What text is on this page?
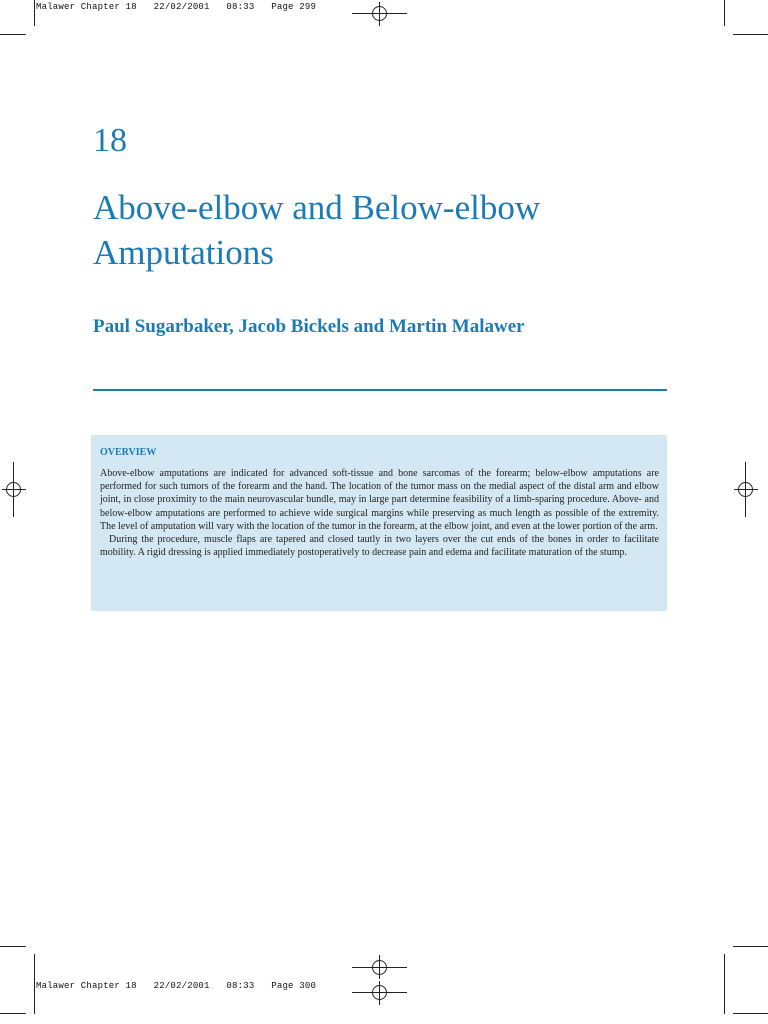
Malawer Chapter 18   22/02/2001   08:33   Page 299
Malawer Chapter 18   22/02/2001   08:33   Page 300
18
Above-elbow and Below-elbow
Amputations
Paul Sugarbaker, Jacob Bickels and Martin Malawer
OVERVIEW

Above-elbow amputations are indicated for advanced soft-tissue and bone sarcomas of the forearm; below-elbow amputations are performed for such tumors of the forearm and the hand. The location of the tumor mass on the medial aspect of the distal arm and elbow joint, in close proximity to the main neurovascular bundle, may in large part determine feasibility of a limb-sparing procedure. Above- and below-elbow amputations are performed to achieve wide surgical margins while preserving as much length as possible of the extremity. The level of amputation will vary with the location of the tumor in the forearm, at the elbow joint, and even at the lower portion of the arm.

During the procedure, muscle flaps are tapered and closed tautly in two layers over the cut ends of the bones in order to facilitate mobility. A rigid dressing is applied immediately postoperatively to decrease pain and edema and facilitate maturation of the stump.
